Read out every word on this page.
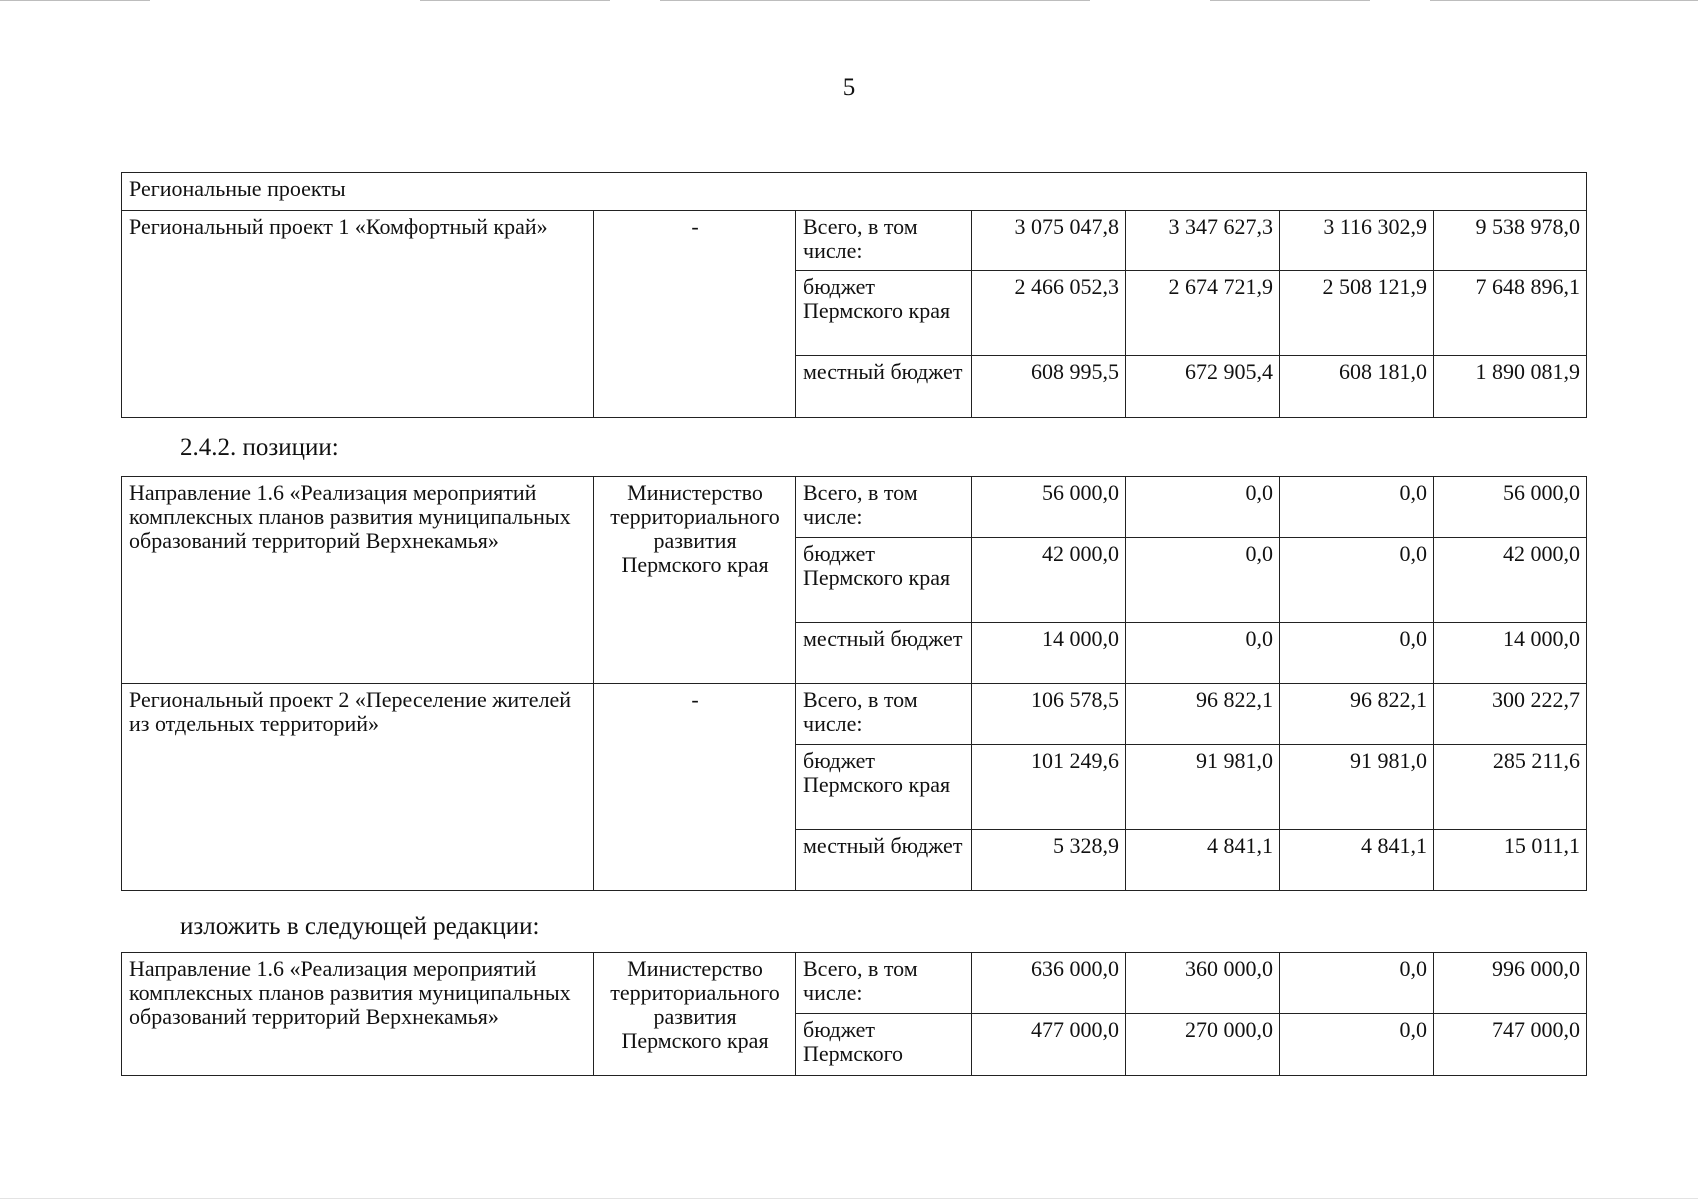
5
Региональные проекты						
Региональный проект 1 «Комфортный край»	-	Всего, в том числе:	3 075 047,8	3 347 627,3	3 116 302,9	9 538 978,0
		бюджет Пермского края	2 466 052,3	2 674 721,9	2 508 121,9	7 648 896,1
		местный бюджет	608 995,5	672 905,4	608 181,0	1 890 081,9
2.4.2. позиции:
Направление 1.6 «Реализация мероприятий комплексных планов развития муниципальных образований территорий Верхнекамья»	Министерство территориального развития Пермского края	Всего, в том числе:	56 000,0	0,0	0,0	56 000,0
		бюджет Пермского края	42 000,0	0,0	0,0	42 000,0
		местный бюджет	14 000,0	0,0	0,0	14 000,0
Региональный проект 2 «Переселение жителей из отдельных территорий»	-	Всего, в том числе:	106 578,5	96 822,1	96 822,1	300 222,7
		бюджет Пермского края	101 249,6	91 981,0	91 981,0	285 211,6
		местный бюджет	5 328,9	4 841,1	4 841,1	15 011,1
изложить в следующей редакции:
Направление 1.6 «Реализация мероприятий комплексных планов развития муниципальных образований территорий Верхнекамья»	Министерство территориального развития Пермского края	Всего, в том числе:	636 000,0	360 000,0	0,0	996 000,0
		бюджет Пермского	477 000,0	270 000,0	0,0	747 000,0
